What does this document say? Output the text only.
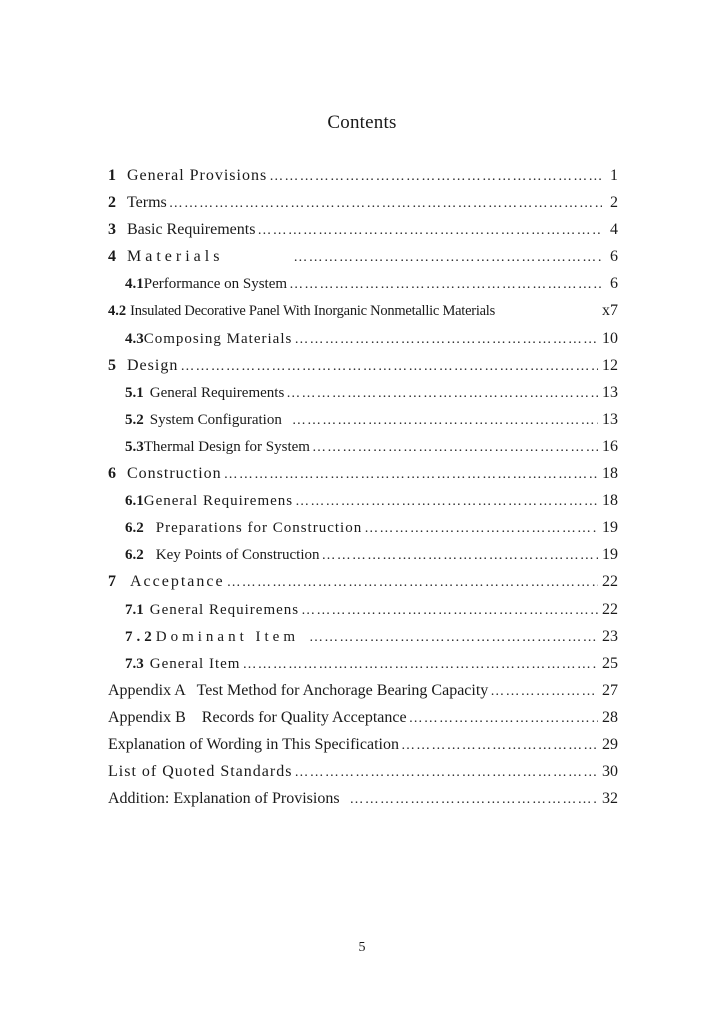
Contents
1 General Provisions ………………………………………………………………………………………………………………………………	1
2 Terms ………………………………………………………………………………………………………………………………	2
3 Basic Requirements ………………………………………………………………………………………………………………………………	4
4 Materials ………………………………………………………………………………………………………………………………	6
4.1 Performance on System ………………………………………………………………………………………………………………………………	6
4.2 Insulated Decorative Panel With Inorganic Nonmetallic Materials	x7
4.3 Composing Materials ………………………………………………………………………………………………………………………………	10
5 Design ………………………………………………………………………………………………………………………………	12
5.1 General Requirements ………………………………………………………………………………………………………………………………	13
5.2 System Configuration ………………………………………………………………………………………………………………………………	13
5.3 Thermal Design for System ………………………………………………………………………………………………………………………………	16
6 Construction ………………………………………………………………………………………………………………………………	18
6.1 General Requiremens ………………………………………………………………………………………………………………………………	18
6.2 Preparations for Construction ………………………………………………………………………………………………………………………………	19
6.2 Key Points of Construction ………………………………………………………………………………………………………………………………	19
7 Acceptance ………………………………………………………………………………………………………………………………	22
7.1 General Requiremens ………………………………………………………………………………………………………………………………	22
7.2 Dominant Item ………………………………………………………………………………………………………………………………	23
7.3 General Item ………………………………………………………………………………………………………………………………	25
Appendix A   Test Method for Anchorage Bearing Capacity ………………………………………………………………………………………………………………………………	27
Appendix B    Records for Quality Acceptance ………………………………………………………………………………………………………………………………	28
Explanation of Wording in This Specification ………………………………………………………………………………………………………………………………	29
List of Quoted Standards ………………………………………………………………………………………………………………………………	30
Addition: Explanation of Provisions ………………………………………………………………………………………………………………………………	32
5
